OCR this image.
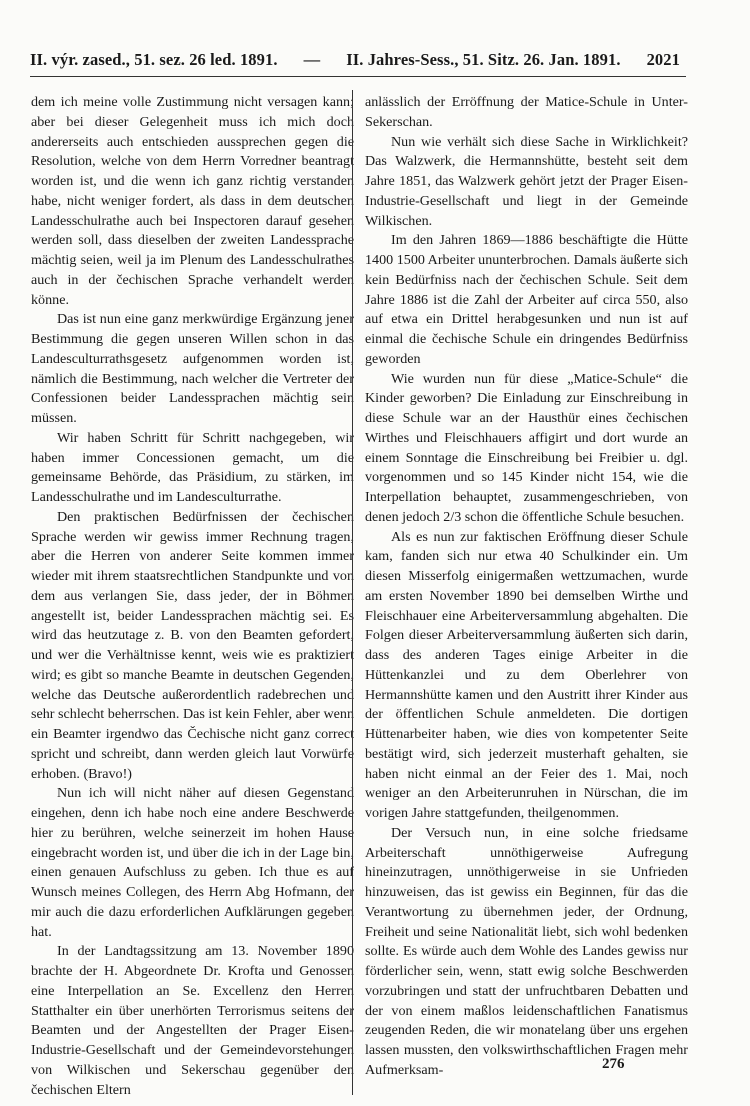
II. výr. zased., 51. sez. 26 led. 1891. — II. Jahres-Sess., 51. Sitz. 26. Jan. 1891. 2021

dem ich meine volle Zustimmung nicht versagen kann; aber bei dieser Gelegenheit muss ich mich doch andererseits auch entschieden aussprechen gegen die Resolution, welche von dem Herrn Vorredner beantragt worden ist, und die wenn ich ganz richtig verstanden habe, nicht weniger fordert, als dass in dem deutschen Landesschulrathe auch bei Inspectoren darauf gesehen werden soll, dass dieselben der zweiten Landessprache mächtig seien, weil ja im Plenum des Landesschulrathes auch in der čechischen Sprache verhandelt werden könne.

Das ist nun eine ganz merkwürdige Ergänzung jener Bestimmung die gegen unseren Willen schon in das Landesculturrathsgesetz aufgenommen worden ist, nämlich die Bestimmung, nach welcher die Vertreter der Confessionen beider Landessprachen mächtig sein müssen.

Wir haben Schritt für Schritt nachgegeben, wir haben immer Concessionen gemacht, um die gemeinsame Behörde, das Präsidium, zu stärken, im Landesschulrathe und im Landesculturrathe.

Den praktischen Bedürfnissen der čechischen Sprache werden wir gewiss immer Rechnung tragen, aber die Herren von anderer Seite kommen immer wieder mit ihrem staatsrechtlichen Standpunkte und von dem aus verlangen Sie, dass jeder, der in Böhmen angestellt ist, beider Landessprachen mächtig sei. Es wird das heutzutage z. B. von den Beamten gefordert, und wer die Verhältnisse kennt, weis wie es praktiziert wird; es gibt so manche Beamte in deutschen Gegenden, welche das Deutsche außerordentlich radebrechen und sehr schlecht beherrschen. Das ist kein Fehler, aber wenn ein Beamter irgendwo das Čechische nicht ganz correct spricht und schreibt, dann werden gleich laut Vorwürfe erhoben. (Bravo!)

Nun ich will nicht näher auf diesen Gegenstand eingehen, denn ich habe noch eine andere Beschwerde hier zu berühren, welche seinerzeit im hohen Hause eingebracht worden ist, und über die ich in der Lage bin, einen genauen Aufschluss zu geben. Ich thue es auf Wunsch meines Collegen, des Herrn Abg Hofmann, der mir auch die dazu erforderlichen Aufklärungen gegeben hat.

In der Landtagssitzung am 13. November 1890 brachte der H. Abgeordnete Dr. Krofta und Genossen eine Interpellation an Se. Excellenz den Herren Statthalter ein über unerhörten Terrorismus seitens der Beamten und der Angestellten der Prager Eisen-Industrie-Gesellschaft und der Gemeindevorstehungen von Wilkischen und Sekerschau gegenüber den čechischen Eltern

anlässlich der Erröffnung der Matice-Schule in Unter-Sekerschan.

Nun wie verhält sich diese Sache in Wirklichkeit? Das Walzwerk, die Hermannshütte, besteht seit dem Jahre 1851, das Walzwerk gehört jetzt der Prager Eisen-Industrie-Gesellschaft und liegt in der Gemeinde Wilkischen.

Im den Jahren 1869—1886 beschäftigte die Hütte 1400 1500 Arbeiter ununterbrochen. Damals äußerte sich kein Bedürfniss nach der čechischen Schule. Seit dem Jahre 1886 ist die Zahl der Arbeiter auf circa 550, also auf etwa ein Drittel herabgesunken und nun ist auf einmal die čechische Schule ein dringendes Bedürfniss geworden

Wie wurden nun für diese „Matice-Schule“ die Kinder geworben? Die Einladung zur Einschreibung in diese Schule war an der Hausthür eines čechischen Wirthes und Fleischhauers affigirt und dort wurde an einem Sonntage die Einschreibung bei Freibier u. dgl. vorgenommen und so 145 Kinder nicht 154, wie die Interpellation behauptet, zusammengeschrieben, von denen jedoch 2/3 schon die öffentliche Schule besuchen.

Als es nun zur faktischen Eröffnung dieser Schule kam, fanden sich nur etwa 40 Schulkinder ein. Um diesen Misserfolg einigermaßen wettzumachen, wurde am ersten November 1890 bei demselben Wirthe und Fleischhauer eine Arbeiterversammlung abgehalten. Die Folgen dieser Arbeiterversammlung äußerten sich darin, dass des anderen Tages einige Arbeiter in die Hüttenkanzlei und zu dem Oberlehrer von Hermannshütte kamen und den Austritt ihrer Kinder aus der öffentlichen Schule anmeldeten. Die dortigen Hüttenarbeiter haben, wie dies von kompetenter Seite bestätigt wird, sich jederzeit musterhaft gehalten, sie haben nicht einmal an der Feier des 1. Mai, noch weniger an den Arbeiterunruhen in Nürschan, die im vorigen Jahre stattgefunden, theilgenommen.

Der Versuch nun, in eine solche friedsame Arbeiterschaft unnöthigerweise Aufregung hineinzutragen, unnöthigerweise in sie Unfrieden hinzuweisen, das ist gewiss ein Beginnen, für das die Verantwortung zu übernehmen jeder, der Ordnung, Freiheit und seine Nationalität liebt, sich wohl bedenken sollte. Es würde auch dem Wohle des Landes gewiss nur förderlicher sein, wenn, statt ewig solche Beschwerden vorzubringen und statt der unfruchtbaren Debatten und der von einem maßlos leidenschaftlichen Fanatismus zeugenden Reden, die wir monatelang über uns ergehen lassen mussten, den volkswirthschaftlichen Fragen mehr Aufmerksam-	276
